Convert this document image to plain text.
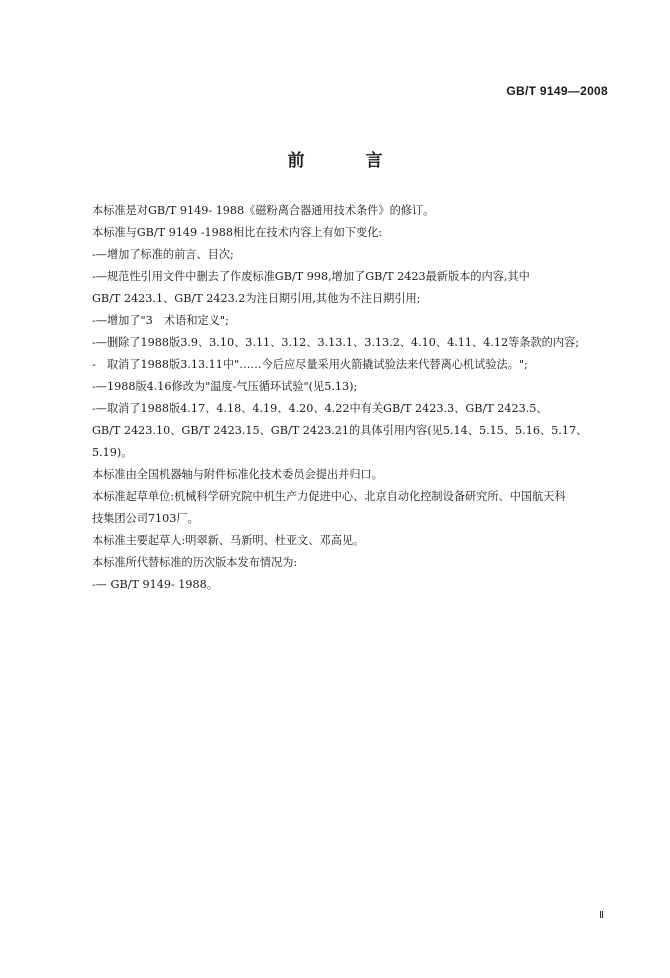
GB/T 9149—2008
前　言

本标准是对GB/T 9149- 1988《磁粉离合器通用技术条件》的修订。

本标准与GB/T 9149 -1988相比在技术内容上有如下变化:

-—增加了标准的前言、目次;

-—规范性引用文件中删去了作废标准GB/T 998,增加了GB/T 2423最新版本的内容,其中

GB/T 2423.1、GB/T 2423.2为注日期引用,其他为不注日期引用;

-—增加了"3　术语和定义";

-—删除了1988版3.9、3.10、3.11、3.12、3.13.1、3.13.2、4.10、4.11、4.12等条款的内容;

-　取消了1988版3.13.11中"……今后应尽量采用火箭撬试验法来代替离心机试验法。";

-—1988版4.16修改为"温度-气压循环试验"(见5.13);

-—取消了1988版4.17、4.18、4.19、4.20、4.22中有关GB/T 2423.3、GB/T 2423.5、

GB/T 2423.10、GB/T 2423.15、GB/T 2423.21的具体引用内容(见5.14、5.15、5.16、5.17、

5.19)。

本标准由全国机器轴与附件标准化技术委员会提出并归口。

本标准起草单位:机械科学研究院中机生产力促进中心、北京自动化控制设备研究所、中国航天科

技集团公司7103厂。

本标准主要起草人:明翠新、马新明、杜亚文、邓高见。

本标准所代替标准的历次版本发布情况为:

-— GB/T 9149- 1988。

Ⅱ
